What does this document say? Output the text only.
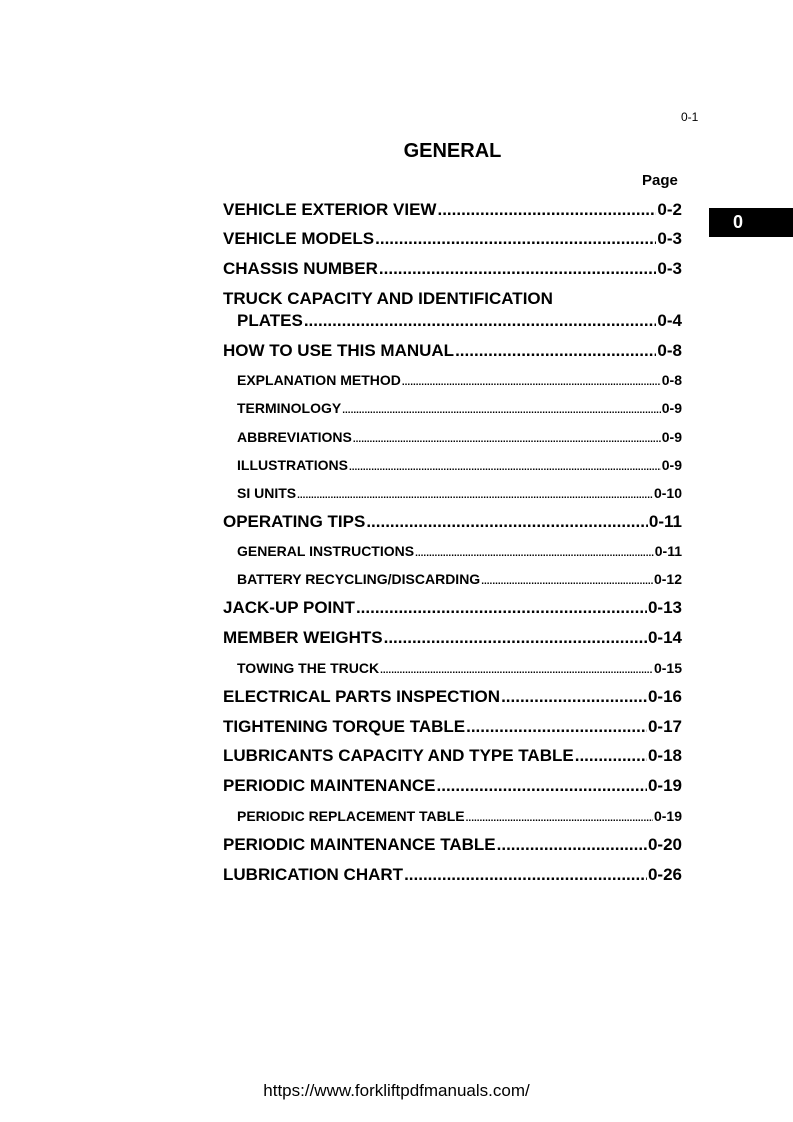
0-1
GENERAL
Page
0
VEHICLE EXTERIOR VIEW .....	0-2
VEHICLE MODELS .....	0-3
CHASSIS NUMBER .....	0-3
TRUCK CAPACITY AND IDENTIFICATION
PLATES .....	0-4
HOW TO USE THIS MANUAL .....	0-8
EXPLANATION METHOD .....	0-8
TERMINOLOGY .....	0-9
ABBREVIATIONS .....	0-9
ILLUSTRATIONS .....	0-9
SI UNITS .....	0-10
OPERATING TIPS .....	0-11
GENERAL INSTRUCTIONS .....	0-11
BATTERY RECYCLING/DISCARDING .....	0-12
JACK-UP POINT .....	0-13
MEMBER WEIGHTS .....	0-14
TOWING THE TRUCK .....	0-15
ELECTRICAL PARTS INSPECTION .....	0-16
TIGHTENING TORQUE TABLE .....	0-17
LUBRICANTS CAPACITY AND TYPE TABLE .....	0-18
PERIODIC MAINTENANCE .....	0-19
PERIODIC REPLACEMENT TABLE .....	0-19
PERIODIC MAINTENANCE TABLE .....	0-20
LUBRICATION CHART .....	0-26
https://www.forkliftpdfmanuals.com/
